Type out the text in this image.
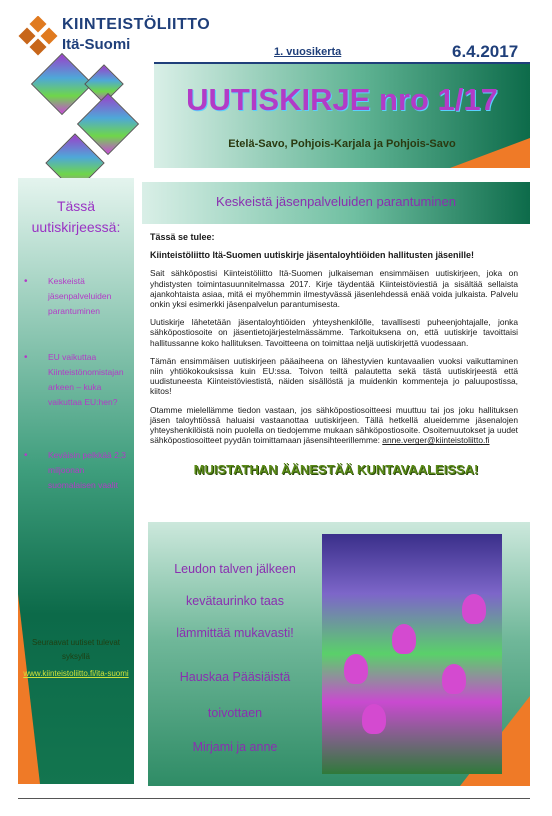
KIINTEISTÖLIITTO
Itä-Suomi	1. vuosikerta	6.4.2017
UUTISKIRJE nro 1/17
Etelä-Savo, Pohjois-Karjala ja Pohjois-Savo
Tässä uutiskirjeessä:
• Keskeistä jäsenpalveluiden parantuminen
• EU vaikuttaa Kiinteistönomistajan arkeen – kuka vaikuttaa EU:hen?
• Keväisin pelkkää 2,3 miljoonan suomalaisen vaalit
Seuraavat uutiset tulevat syksyllä
www.kiinteistoliitto.fi/ita-suomi
Keskeistä jäsenpalveluiden parantuminen

Tässä se tulee:

Kiinteistöliitto Itä-Suomen uutiskirje jäsentaloyhtiöiden hallitusten jäsenille!

Sait sähköpostisi Kiinteistöliitto Itä-Suomen julkaiseman ensimmäisen uutiskirjeen, joka on yhdistysten toimintasuunnitelmassa 2017. Kirje täydentää Kiinteistöviestiä ja sisältää sellaista ajankohtaista asiaa, mitä ei myöhemmin ilmestyvässä jäsenlehdessä enää voida julkaista. Palvelu onkin yksi esimerkki jäsenpalvelun parantumisesta.

Uutiskirje lähetetään jäsentaloyhtiöiden yhteyshenkilölle, tavallisesti puheenjohtajalle, jonka sähköpostiosoite on jäsentietojärjestelmässämme. Tarkoituksena on, että uutiskirje tavoittaisi hallitussanne koko hallituksen. Tavoitteena on toimittaa neljä uutiskirjettä vuodessaan.

Tämän ensimmäisen uutiskirjeen pääaiheena on lähestyvien kuntavaalien vuoksi vaikuttaminen niin yhtiökokouksissa kuin EU:ssa. Toivon teiltä palautetta sekä tästä uutiskirjeestä että uudistuneesta Kiinteistöviestistä, näiden sisällöstä ja muidenkin kommenteja jo paluupostissa, kiitos!

Otamme mielellämme tiedon vastaan, jos sähköpostiosoitteesi muuttuu tai jos joku hallituksen jäsen taloyhtiössä haluaisi vastaanottaa uutiskirjeen. Tällä hetkellä alueidemme jäsenalojen yhteyshenkilöistä noin puolella on tiedojemme mukaan sähköpostiosoite. Osoitemuutokset ja uudet sähköpostiosoitteet pyydän toimittamaan jäsensihteerillemme: anne.verger@kiinteistoliitto.fi

MUISTATHAN ÄÄNESTÄÄ KUNTAVAALEISSA!
Leudon talven jälkeen
kevätaurinko taas
lämmittää mukavasti!
Hauskaa Pääsiäistä
toivottaen
Mirjami ja anne
